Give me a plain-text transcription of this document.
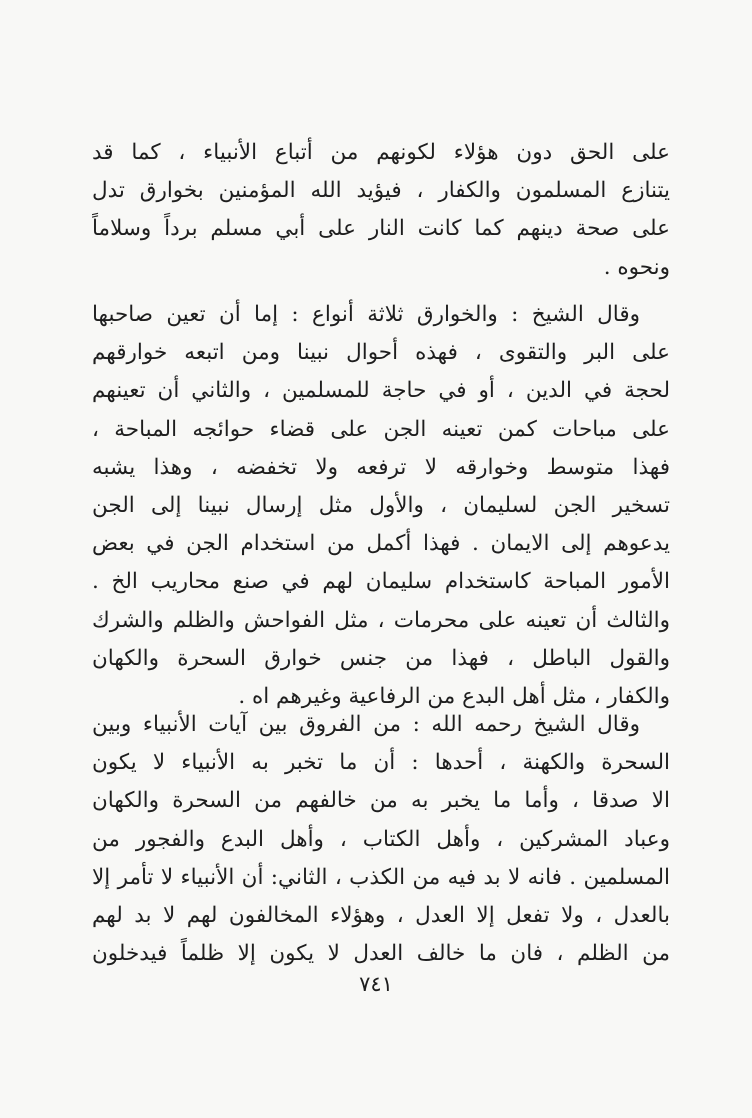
على الحق دون هؤلاء لكونهم من أتباع الأنبياء ، كما قد
يتنازع المسلمون والكفار ، فيؤيد الله المؤمنين بخوارق تدل
على صحة دينهم كما كانت النار على أبي مسلم برداً وسلاماً
ونحوه .
وقال الشيخ : والخوارق ثلاثة أنواع : إما أن تعين صاحبها
على البر والتقوى ، فهذه أحوال نبينا ومن اتبعه خوارقهم
لحجة في الدين ، أو في حاجة للمسلمين ، والثاني أن تعينهم
على مباحات كمن تعينه الجن على قضاء حوائجه المباحة ،
فهذا متوسط وخوارقه لا ترفعه ولا تخفضه ، وهذا يشبه
تسخير الجن لسليمان ، والأول مثل إرسال نبينا إلى الجن
يدعوهم إلى الايمان . فهذا أكمل من استخدام الجن في بعض
الأمور المباحة كاستخدام سليمان لهم في صنع محاريب الخ .
والثالث أن تعينه على محرمات ، مثل الفواحش والظلم والشرك
والقول الباطل ، فهذا من جنس خوارق السحرة والكهان
والكفار ، مثل أهل البدع من الرفاعية وغيرهم اه .
وقال الشيخ رحمه الله : من الفروق بين آيات الأنبياء وبين
السحرة والكهنة ، أحدها : أن ما تخبر به الأنبياء لا يكون
الا صدقا ، وأما ما يخبر به من خالفهم من السحرة والكهان
وعباد المشركين ، وأهل الكتاب ، وأهل البدع والفجور من
المسلمين . فانه لا بد فيه من الكذب ، الثاني: أن الأنبياء لا تأمر إلا
بالعدل ، ولا تفعل إلا العدل ، وهؤلاء المخالفون لهم لا بد لهم
من الظلم ، فان ما خالف العدل لا يكون إلا ظلماً فيدخلون
٧٤١
